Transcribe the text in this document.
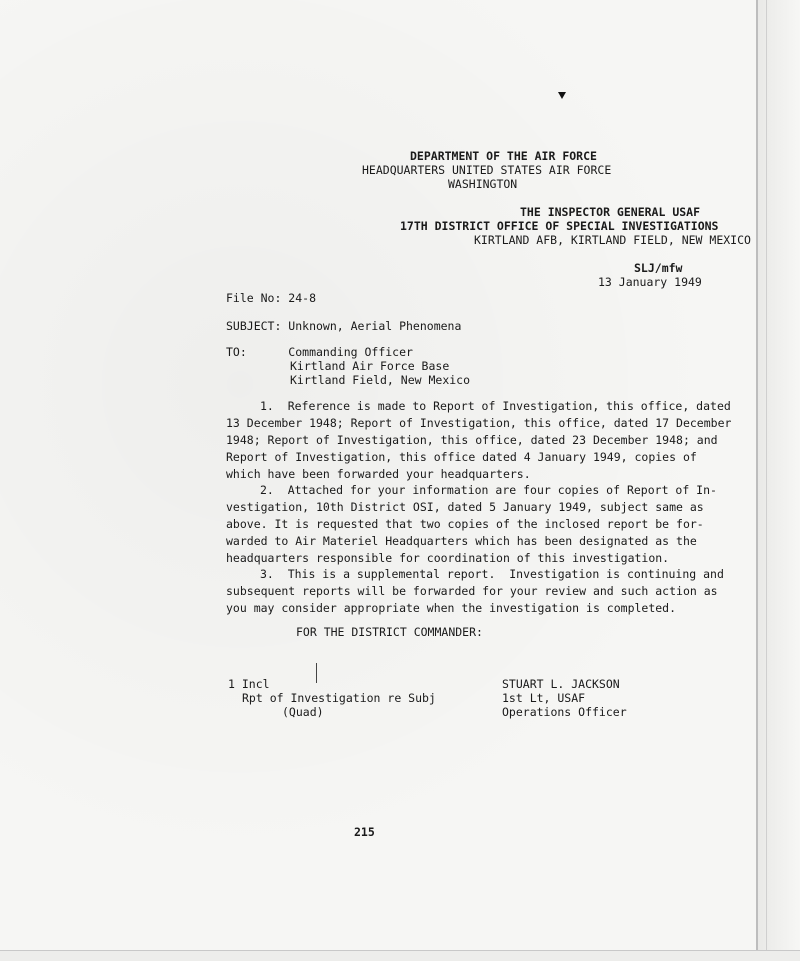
DEPARTMENT OF THE AIR FORCE
HEADQUARTERS UNITED STATES AIR FORCE
WASHINGTON
THE INSPECTOR GENERAL USAF
17TH DISTRICT OFFICE OF SPECIAL INVESTIGATIONS
KIRTLAND AFB, KIRTLAND FIELD, NEW MEXICO
SLJ/mfw
13 January 1949
File No: 24-8
SUBJECT: Unknown, Aerial Phenomena
TO:      Commanding Officer
Kirtland Air Force Base
Kirtland Field, New Mexico
1.  Reference is made to Report of Investigation, this office, dated
13 December 1948; Report of Investigation, this office, dated 17 December
1948; Report of Investigation, this office, dated 23 December 1948; and
Report of Investigation, this office dated 4 January 1949, copies of
which have been forwarded your headquarters.
2.  Attached for your information are four copies of Report of In-
vestigation, 10th District OSI, dated 5 January 1949, subject same as
above. It is requested that two copies of the inclosed report be for-
warded to Air Materiel Headquarters which has been designated as the
headquarters responsible for coordination of this investigation.
3.  This is a supplemental report.  Investigation is continuing and
subsequent reports will be forwarded for your review and such action as
you may consider appropriate when the investigation is completed.
FOR THE DISTRICT COMMANDER:
1 Incl
Rpt of Investigation re Subj
(Quad)
STUART L. JACKSON
1st Lt, USAF
Operations Officer
215
